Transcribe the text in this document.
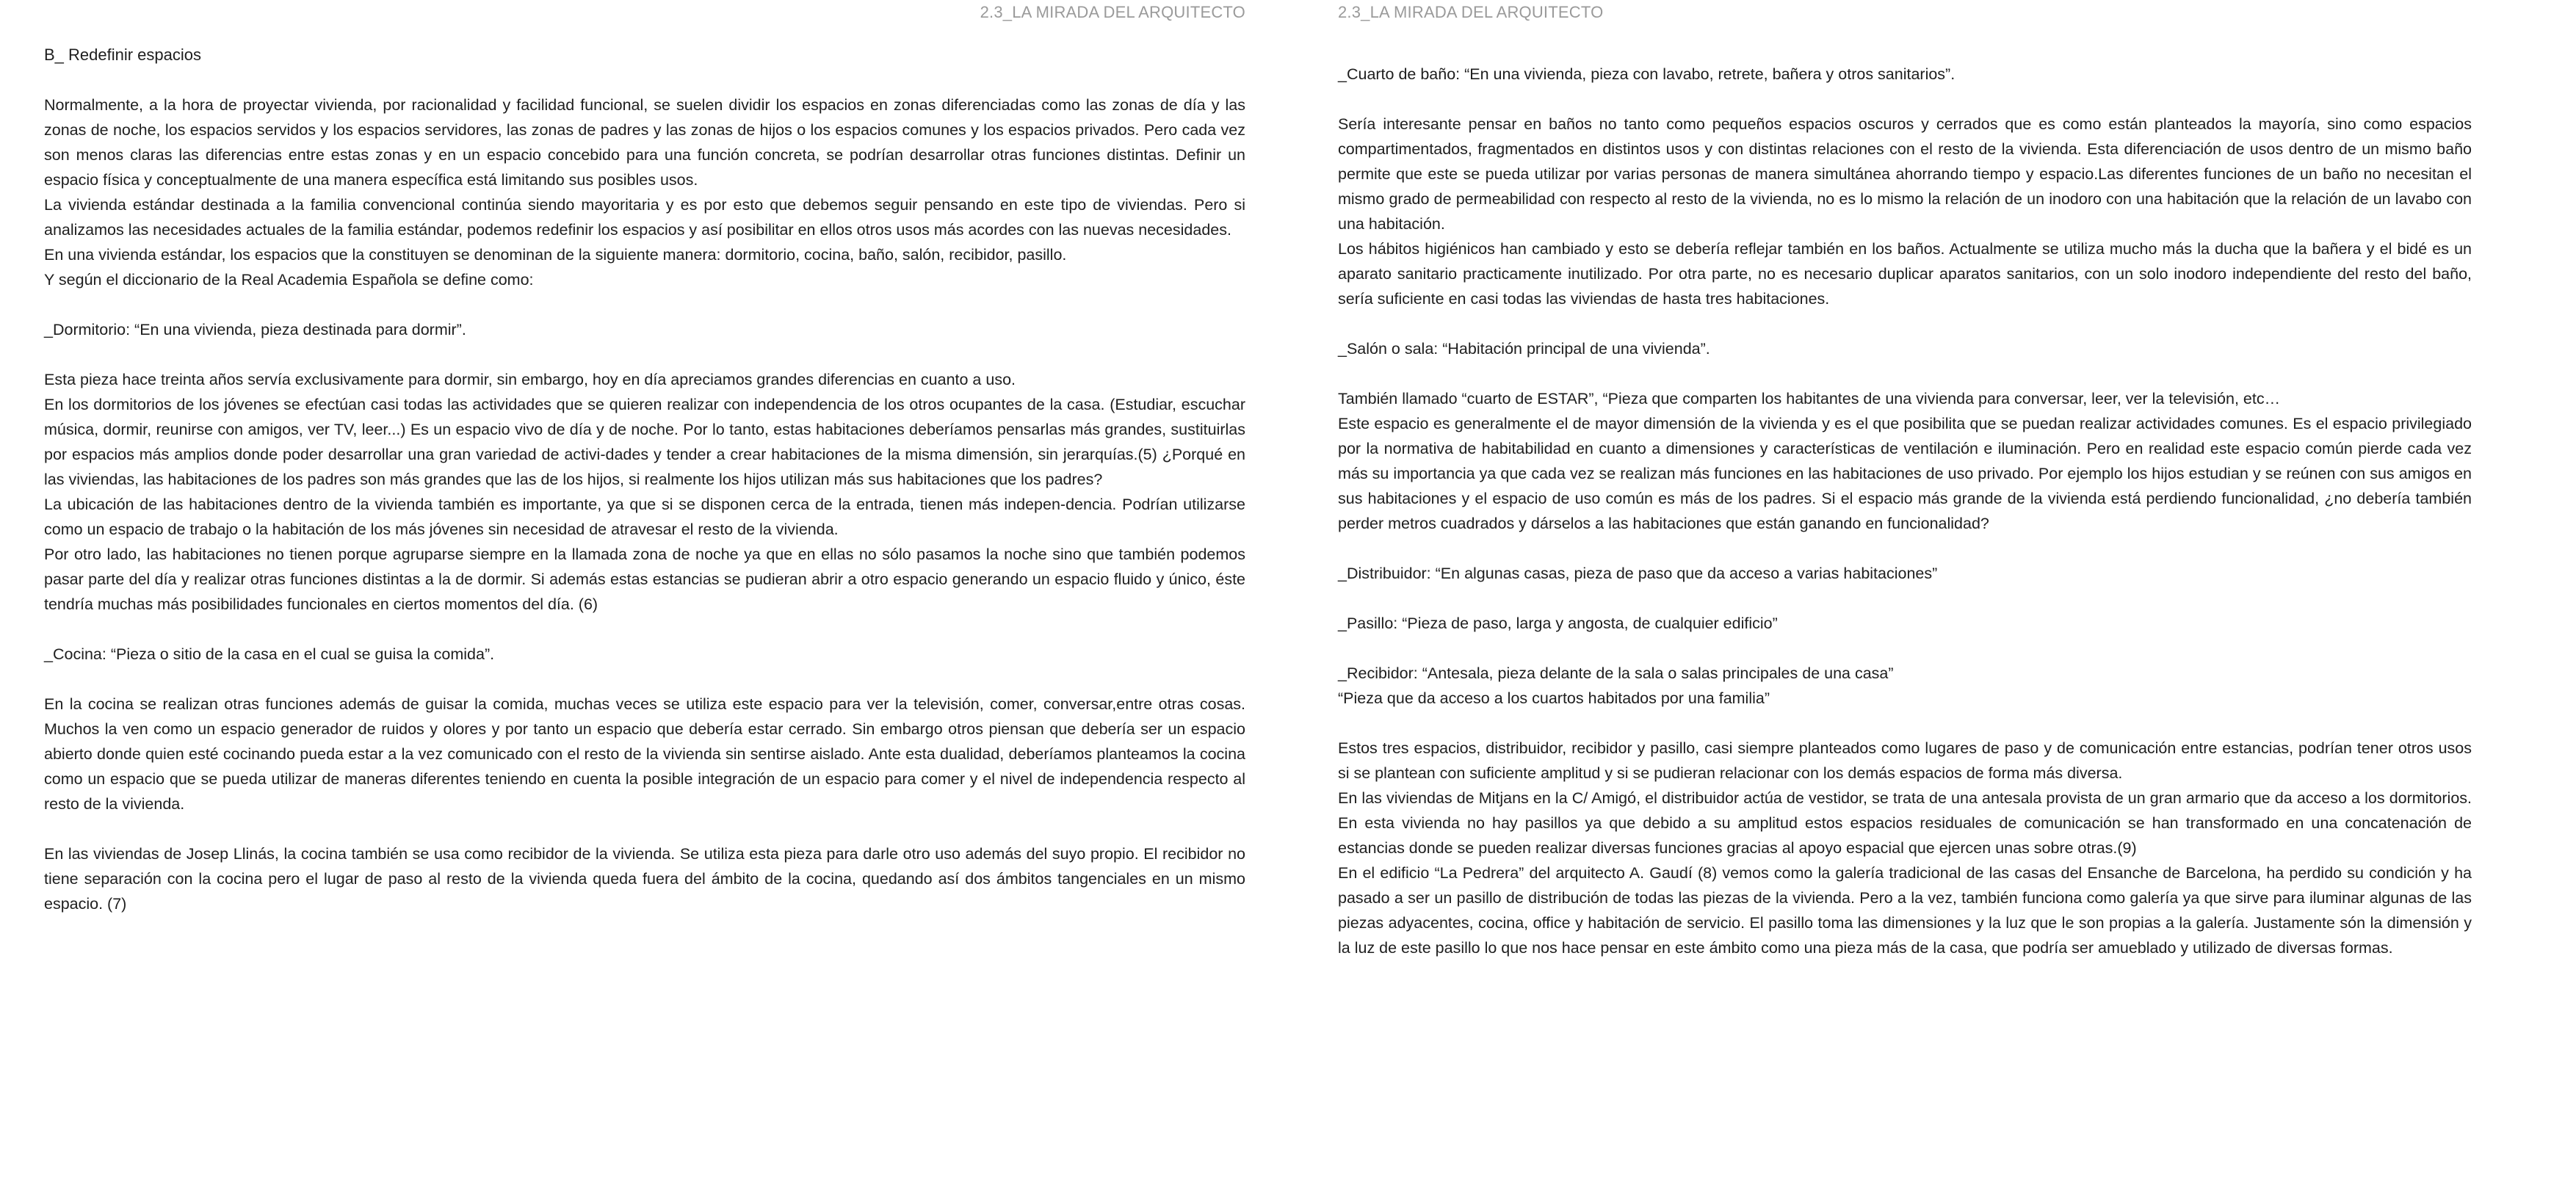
2.3_LA MIRADA DEL ARQUITECTO

B_ Redefinir espacios

Normalmente, a la hora de proyectar vivienda, por racionalidad y facilidad funcional, se suelen dividir los espacios en zonas diferenciadas como las zonas de día y las zonas de noche, los espacios servidos y los espacios servidores, las zonas de padres y las zonas de hijos o los espacios comunes y los espacios privados. Pero cada vez son menos claras las diferencias entre estas zonas y en un espacio concebido para una función concreta, se podrían desarrollar otras funciones distintas. Definir un espacio física y conceptualmente de una manera específica está limitando sus posibles usos.

La vivienda estándar destinada a la familia convencional continúa siendo mayoritaria y es por esto que debemos seguir pensando en este tipo de viviendas. Pero si analizamos las necesidades actuales de la familia estándar, podemos redefinir los espacios y así posibilitar en ellos otros usos más acordes con las nuevas necesidades.

En una vivienda estándar, los espacios que la constituyen se denominan de la siguiente manera: dormitorio, cocina, baño, salón, recibidor, pasillo.

Y según el diccionario de la Real Academia Española se define como:

_Dormitorio: “En una vivienda, pieza destinada para dormir”.

Esta pieza hace treinta años servía exclusivamente para dormir, sin embargo, hoy en día apreciamos grandes diferencias en cuanto a uso.

En los dormitorios de los jóvenes se efectúan casi todas las actividades que se quieren realizar con independencia de los otros ocupantes de la casa. (Estudiar, escuchar música, dormir, reunirse con amigos, ver TV, leer...) Es un espacio vivo de día y de noche. Por lo tanto, estas habitaciones deberíamos pensarlas más grandes, sustituirlas por espacios más amplios donde poder desarrollar una gran variedad de activi-dades y tender a crear habitaciones de la misma dimensión, sin jerarquías.(5) ¿Porqué en las viviendas, las habitaciones de los padres son más grandes que las de los hijos, si realmente los hijos utilizan más sus habitaciones que los padres?

La ubicación de las habitaciones dentro de la vivienda también es importante, ya que si se disponen cerca de la entrada, tienen más indepen-dencia. Podrían utilizarse como un espacio de trabajo o la habitación de los más jóvenes sin necesidad de atravesar el resto de la vivienda.

Por otro lado, las habitaciones no tienen porque agruparse siempre en la llamada zona de noche ya que en ellas no sólo pasamos la noche sino que también podemos pasar parte del día y realizar otras funciones distintas a la de dormir. Si además estas estancias se pudieran abrir a otro espacio generando un espacio fluido y único, éste tendría muchas más posibilidades funcionales en ciertos momentos del día. (6)

_Cocina: “Pieza o sitio de la casa en el cual se guisa la comida”.

En la cocina se realizan otras funciones además de guisar la comida, muchas veces se utiliza este espacio para ver la televisión, comer, conversar,entre otras cosas. Muchos la ven como un espacio generador de ruidos y olores y por tanto un espacio que debería estar cerrado. Sin embargo otros piensan que debería ser un espacio abierto donde quien esté cocinando pueda estar a la vez comunicado con el resto de la vivienda sin sentirse aislado. Ante esta dualidad, deberíamos planteamos la cocina como un espacio que se pueda utilizar de maneras diferentes teniendo en cuenta la posible integración de un espacio para comer y el nivel de independencia respecto al resto de la vivienda.

En las viviendas de Josep Llinás, la cocina también se usa como recibidor de la vivienda. Se utiliza esta pieza para darle otro uso además del suyo propio. El recibidor no tiene separación con la cocina pero el lugar de paso al resto de la vivienda queda fuera del ámbito de la cocina, quedando así dos ámbitos tangenciales en un mismo espacio. (7)

2.3_LA MIRADA DEL ARQUITECTO

_Cuarto de baño: “En una vivienda, pieza con lavabo, retrete, bañera y otros sanitarios”.

Sería interesante pensar en baños no tanto como pequeños espacios oscuros y cerrados que es como están planteados la mayoría, sino como espacios compartimentados, fragmentados en distintos usos y con distintas relaciones con el resto de la vivienda. Esta diferenciación de usos dentro de un mismo baño permite que este se pueda utilizar por varias personas de manera simultánea ahorrando tiempo y espacio.Las diferentes funciones de un baño no necesitan el mismo grado de permeabilidad con respecto al resto de la vivienda, no es lo mismo la relación de un inodoro con una habitación que la relación de un lavabo con una habitación.

Los hábitos higiénicos han cambiado y esto se debería reflejar también en los baños. Actualmente se utiliza mucho más la ducha que la bañera y el bidé es un aparato sanitario practicamente inutilizado. Por otra parte, no es necesario duplicar aparatos sanitarios, con un solo inodoro independiente del resto del baño, sería suficiente en casi todas las viviendas de hasta tres habitaciones.

_Salón o sala: “Habitación principal de una vivienda”.

También llamado “cuarto de ESTAR”, “Pieza que comparten los habitantes de una vivienda para conversar, leer, ver la televisión, etc…

Este espacio es generalmente el de mayor dimensión de la vivienda y es el que posibilita que se puedan realizar actividades comunes. Es el espacio privilegiado por la normativa de habitabilidad en cuanto a dimensiones y características de ventilación e iluminación. Pero en realidad este espacio común pierde cada vez más su importancia ya que cada vez se realizan más funciones en las habitaciones de uso privado. Por ejemplo los hijos estudian y se reúnen con sus amigos en sus habitaciones y el espacio de uso común es más de los padres. Si el espacio más grande de la vivienda está perdiendo funcionalidad, ¿no debería también perder metros cuadrados y dárselos a las habitaciones que están ganando en funcionalidad?

_Distribuidor: “En algunas casas, pieza de paso que da acceso a varias habitaciones”

_Pasillo: “Pieza de paso, larga y angosta, de cualquier edificio”

_Recibidor: “Antesala, pieza delante de la sala o salas principales de una casa”

“Pieza que da acceso a los cuartos habitados por una familia”

Estos tres espacios, distribuidor, recibidor y pasillo, casi siempre planteados como lugares de paso y de comunicación entre estancias, podrían tener otros usos si se plantean con suficiente amplitud y si se pudieran relacionar con los demás espacios de forma más diversa.

En las viviendas de Mitjans en la C/ Amigó, el distribuidor actúa de vestidor, se trata de una antesala provista de un gran armario que da acceso a los dormitorios. En esta vivienda no hay pasillos ya que debido a su amplitud estos espacios residuales de comunicación se han transformado en una concatenación de estancias donde se pueden realizar diversas funciones gracias al apoyo espacial que ejercen unas sobre otras.(9)

En el edificio “La Pedrera” del arquitecto A. Gaudí (8) vemos como la galería tradicional de las casas del Ensanche de Barcelona, ha perdido su condición y ha pasado a ser un pasillo de distribución de todas las piezas de la vivienda. Pero a la vez, también funciona como galería ya que sirve para iluminar algunas de las piezas adyacentes, cocina, office y habitación de servicio. El pasillo toma las dimensiones y la luz que le son propias a la galería. Justamente són la dimensión y la luz de este pasillo lo que nos hace pensar en este ámbito como una pieza más de la casa, que podría ser amueblado y utilizado de diversas formas.
